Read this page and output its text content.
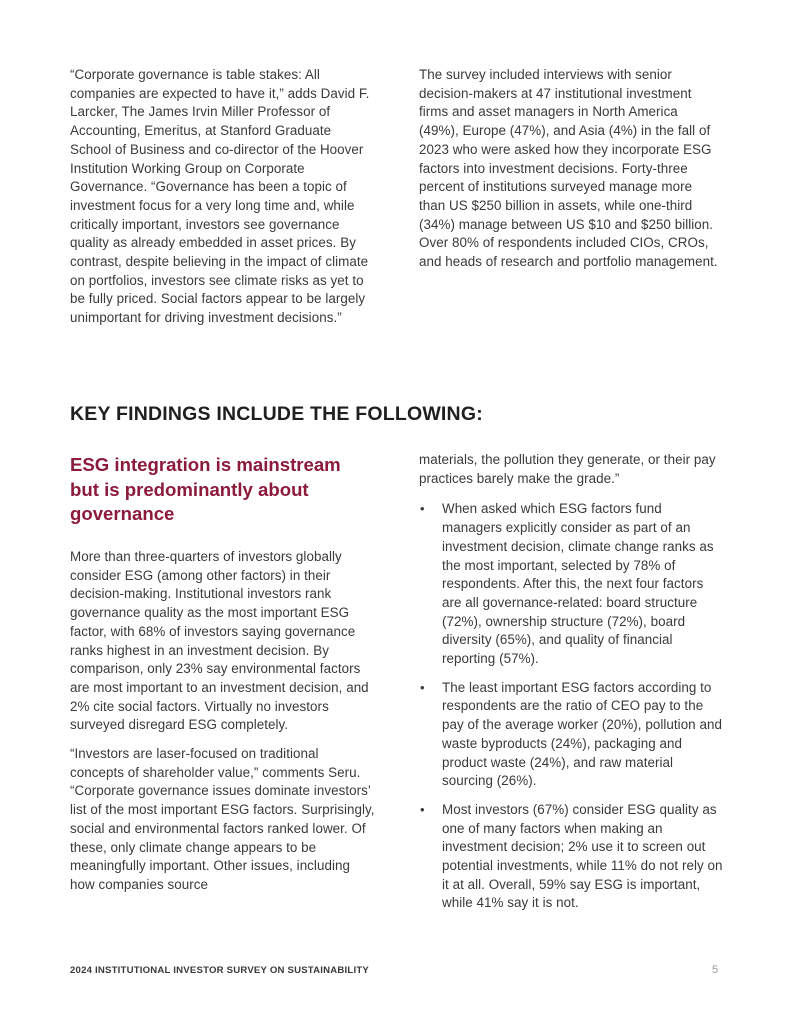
“Corporate governance is table stakes: All companies are expected to have it,” adds David F. Larcker, The James Irvin Miller Professor of Accounting, Emeritus, at Stanford Graduate School of Business and co-director of the Hoover Institution Working Group on Corporate Governance. “Governance has been a topic of investment focus for a very long time and, while critically important, investors see governance quality as already embedded in asset prices. By contrast, despite believing in the impact of climate on portfolios, investors see climate risks as yet to be fully priced. Social factors appear to be largely unimportant for driving investment decisions.”

The survey included interviews with senior decision-makers at 47 institutional investment firms and asset managers in North America (49%), Europe (47%), and Asia (4%) in the fall of 2023 who were asked how they incorporate ESG factors into investment decisions. Forty-three percent of institutions surveyed manage more than US $250 billion in assets, while one-third (34%) manage between US $10 and $250 billion. Over 80% of respondents included CIOs, CROs, and heads of research and portfolio management.

KEY FINDINGS INCLUDE THE FOLLOWING:
ESG integration is mainstream but is predominantly about governance

More than three-quarters of investors globally consider ESG (among other factors) in their decision-making. Institutional investors rank governance quality as the most important ESG factor, with 68% of investors saying governance ranks highest in an investment decision. By comparison, only 23% say environmental factors are most important to an investment decision, and 2% cite social factors. Virtually no investors surveyed disregard ESG completely.

“Investors are laser-focused on traditional concepts of shareholder value,” comments Seru. “Corporate governance issues dominate investors’ list of the most important ESG factors. Surprisingly, social and environmental factors ranked lower. Of these, only climate change appears to be meaningfully important. Other issues, including how companies source

materials, the pollution they generate, or their pay practices barely make the grade.”

• When asked which ESG factors fund managers explicitly consider as part of an investment decision, climate change ranks as the most important, selected by 78% of respondents. After this, the next four factors are all governance-related: board structure (72%), ownership structure (72%), board diversity (65%), and quality of financial reporting (57%).
• The least important ESG factors according to respondents are the ratio of CEO pay to the pay of the average worker (20%), pollution and waste byproducts (24%), packaging and product waste (24%), and raw material sourcing (26%).
• Most investors (67%) consider ESG quality as one of many factors when making an investment decision; 2% use it to screen out potential investments, while 11% do not rely on it at all. Overall, 59% say ESG is important, while 41% say it is not.

2024 INSTITUTIONAL INVESTOR SURVEY ON SUSTAINABILITY	5
